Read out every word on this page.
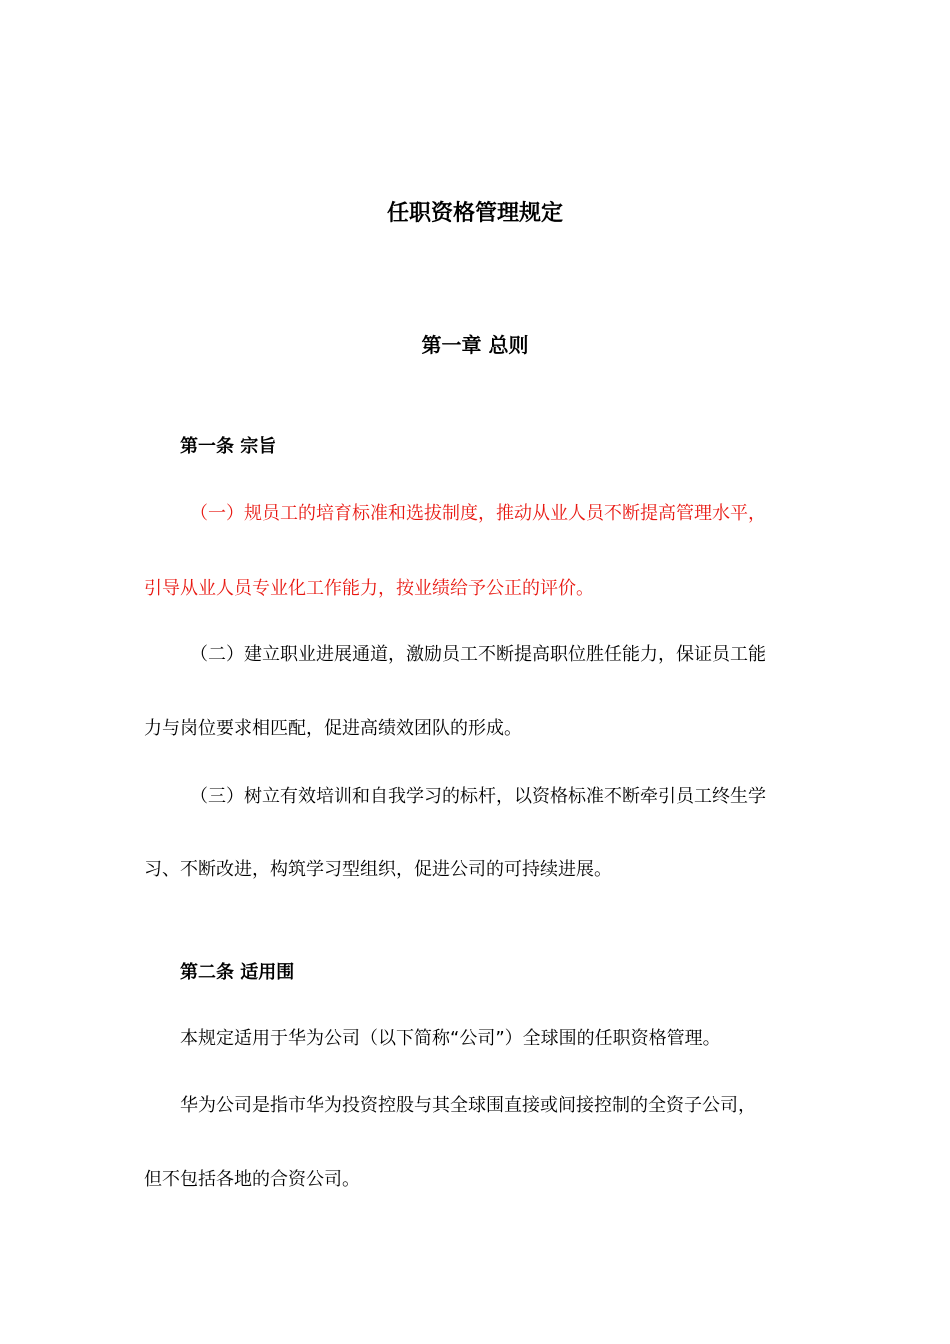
任职资格管理规定
第一章 总则
第一条 宗旨
（一）规员工的培育标准和选拔制度，推动从业人员不断提高管理水平，
引导从业人员专业化工作能力，按业绩给予公正的评价。
（二）建立职业进展通道，激励员工不断提高职位胜任能力，保证员工能
力与岗位要求相匹配，促进高绩效团队的形成。
（三）树立有效培训和自我学习的标杆，以资格标准不断牵引员工终生学
习、不断改进，构筑学习型组织，促进公司的可持续进展。
第二条 适用围
本规定适用于华为公司（以下简称“公司”）全球围的任职资格管理。
华为公司是指市华为投资控股与其全球围直接或间接控制的全资子公司，
但不包括各地的合资公司。
